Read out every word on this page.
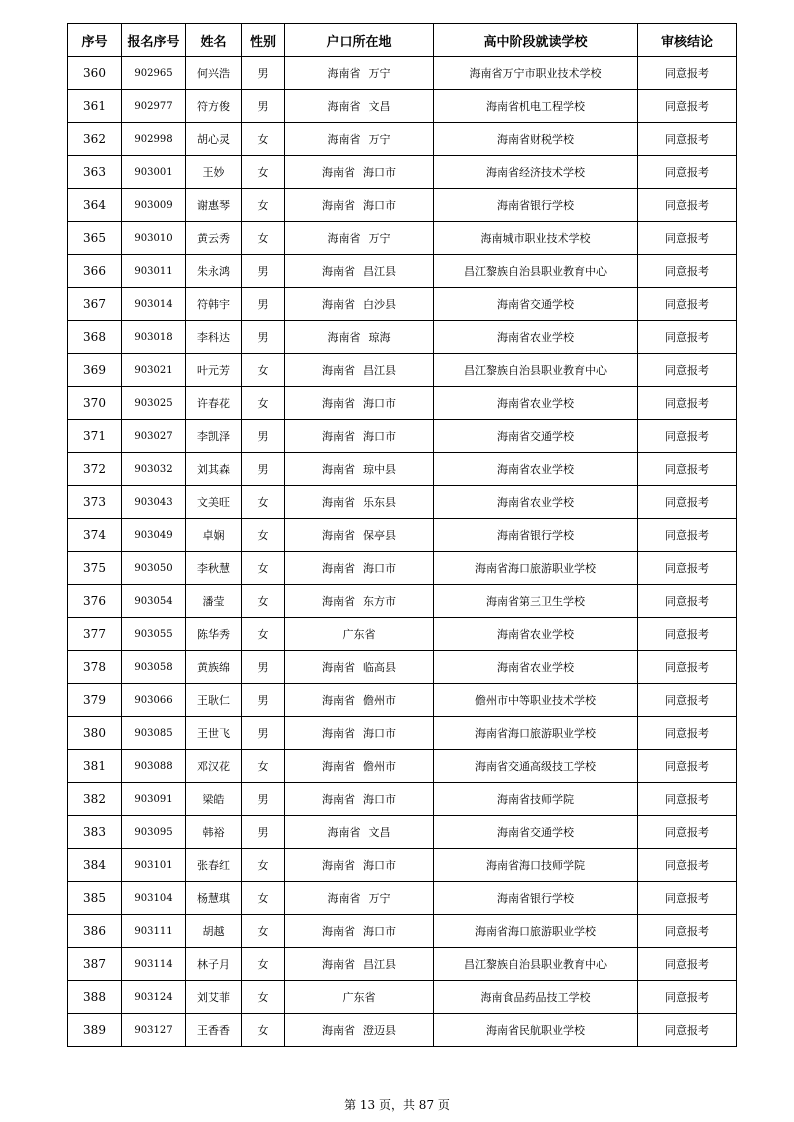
序号	报名序号	姓名	性别	户口所在地	高中阶段就读学校	审核结论
360	902965	何兴浩	男	海南省 万宁	海南省万宁市职业技术学校	同意报考
361	902977	符方俊	男	海南省 文昌	海南省机电工程学校	同意报考
362	902998	胡心灵	女	海南省 万宁	海南省财税学校	同意报考
363	903001	王妙	女	海南省 海口市	海南省经济技术学校	同意报考
364	903009	谢惠琴	女	海南省 海口市	海南省银行学校	同意报考
365	903010	黄云秀	女	海南省 万宁	海南城市职业技术学校	同意报考
366	903011	朱永鸿	男	海南省 昌江县	昌江黎族自治县职业教育中心	同意报考
367	903014	符韩宇	男	海南省 白沙县	海南省交通学校	同意报考
368	903018	李科达	男	海南省 琼海	海南省农业学校	同意报考
369	903021	叶元芳	女	海南省 昌江县	昌江黎族自治县职业教育中心	同意报考
370	903025	许春花	女	海南省 海口市	海南省农业学校	同意报考
371	903027	李凯泽	男	海南省 海口市	海南省交通学校	同意报考
372	903032	刘其森	男	海南省 琼中县	海南省农业学校	同意报考
373	903043	文美旺	女	海南省 乐东县	海南省农业学校	同意报考
374	903049	卓娴	女	海南省 保亭县	海南省银行学校	同意报考
375	903050	李秋慧	女	海南省 海口市	海南省海口旅游职业学校	同意报考
376	903054	潘莹	女	海南省 东方市	海南省第三卫生学校	同意报考
377	903055	陈华秀	女	广东省	海南省农业学校	同意报考
378	903058	黄族绵	男	海南省 临高县	海南省农业学校	同意报考
379	903066	王耿仁	男	海南省 儋州市	儋州市中等职业技术学校	同意报考
380	903085	王世飞	男	海南省 海口市	海南省海口旅游职业学校	同意报考
381	903088	邓汉花	女	海南省 儋州市	海南省交通高级技工学校	同意报考
382	903091	梁皓	男	海南省 海口市	海南省技师学院	同意报考
383	903095	韩裕	男	海南省 文昌	海南省交通学校	同意报考
384	903101	张春红	女	海南省 海口市	海南省海口技师学院	同意报考
385	903104	杨慧琪	女	海南省 万宁	海南省银行学校	同意报考
386	903111	胡越	女	海南省 海口市	海南省海口旅游职业学校	同意报考
387	903114	林子月	女	海南省 昌江县	昌江黎族自治县职业教育中心	同意报考
388	903124	刘艾菲	女	广东省	海南食品药品技工学校	同意报考
389	903127	王香香	女	海南省 澄迈县	海南省民航职业学校	同意报考
第 13 页，共 87 页
